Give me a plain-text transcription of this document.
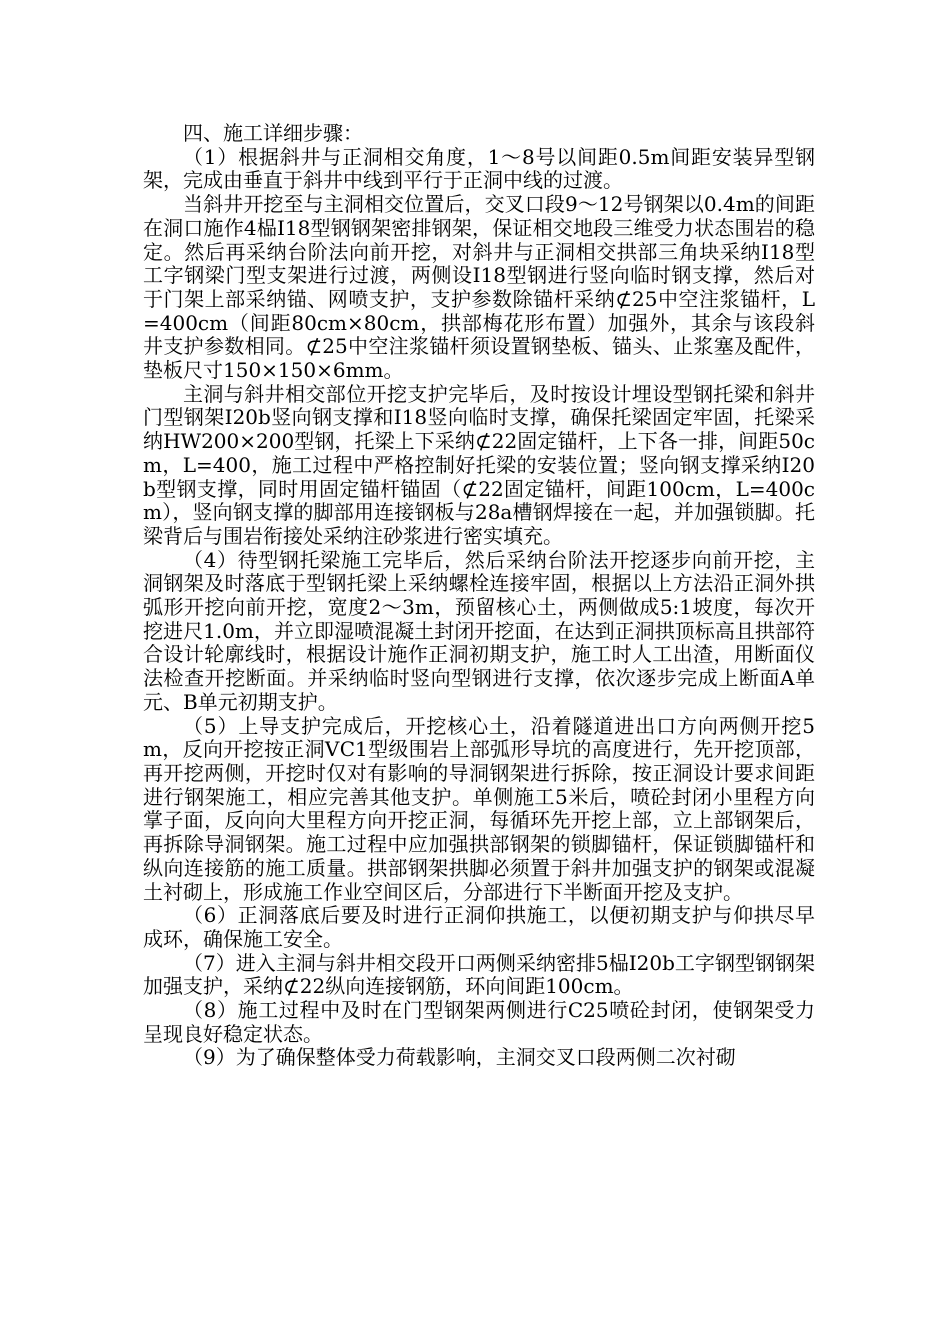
四、施工详细步骤：

（1）根据斜井与正洞相交角度，1～8号以间距0.5m间距安装异型钢架，完成由垂直于斜井中线到平行于正洞中线的过渡。

当斜井开挖至与主洞相交位置后，交叉口段9～12号钢架以0.4m的间距在洞口施作4榀I18型钢钢架密排钢架，保证相交地段三维受力状态围岩的稳定。然后再采纳台阶法向前开挖，对斜井与正洞相交拱部三角块采纳I18型工字钢梁门型支架进行过渡，两侧设I18型钢进行竖向临时钢支撑，然后对于门架上部采纳锚、网喷支护，支护参数除锚杆采纳⊄25中空注浆锚杆，L=400cm（间距80cm×80cm，拱部梅花形布置）加强外，其余与该段斜井支护参数相同。⊄25中空注浆锚杆须设置钢垫板、锚头、止浆塞及配件，垫板尺寸150×150×6mm。

主洞与斜井相交部位开挖支护完毕后，及时按设计埋设型钢托梁和斜井门型钢架I20b竖向钢支撑和I18竖向临时支撑，确保托梁固定牢固，托梁采纳HW200×200型钢，托梁上下采纳⊄22固定锚杆，上下各一排，间距50cm，L=400，施工过程中严格控制好托梁的安装位置；竖向钢支撑采纳I20b型钢支撑，同时用固定锚杆锚固（⊄22固定锚杆，间距100cm，L=400cm），竖向钢支撑的脚部用连接钢板与28a槽钢焊接在一起，并加强锁脚。托梁背后与围岩衔接处采纳注砂浆进行密实填充。

（4）待型钢托梁施工完毕后，然后采纳台阶法开挖逐步向前开挖，主洞钢架及时落底于型钢托梁上采纳螺栓连接牢固，根据以上方法沿正洞外拱弧形开挖向前开挖，宽度2～3m，预留核心土，两侧做成5:1坡度，每次开挖进尺1.0m，并立即湿喷混凝土封闭开挖面，在达到正洞拱顶标高且拱部符合设计轮廓线时，根据设计施作正洞初期支护，施工时人工出渣，用断面仪法检查开挖断面。并采纳临时竖向型钢进行支撑，依次逐步完成上断面A单元、B单元初期支护。

（5）上导支护完成后，开挖核心土，沿着隧道进出口方向两侧开挖5m，反向开挖按正洞ⅤC1型级围岩上部弧形导坑的高度进行，先开挖顶部，再开挖两侧，开挖时仅对有影响的导洞钢架进行拆除，按正洞设计要求间距进行钢架施工，相应完善其他支护。单侧施工5米后，喷砼封闭小里程方向掌子面，反向向大里程方向开挖正洞，每循环先开挖上部，立上部钢架后，再拆除导洞钢架。施工过程中应加强拱部钢架的锁脚锚杆，保证锁脚锚杆和纵向连接筋的施工质量。拱部钢架拱脚必须置于斜井加强支护的钢架或混凝土衬砌上，形成施工作业空间区后，分部进行下半断面开挖及支护。

（6）正洞落底后要及时进行正洞仰拱施工，以便初期支护与仰拱尽早成环，确保施工安全。

（7）进入主洞与斜井相交段开口两侧采纳密排5榀I20b工字钢型钢钢架加强支护，采纳⊄22纵向连接钢筋，环向间距100cm。

（8）施工过程中及时在门型钢架两侧进行C25喷砼封闭，使钢架受力呈现良好稳定状态。

（9）为了确保整体受力荷载影响，主洞交叉口段两侧二次衬砌
